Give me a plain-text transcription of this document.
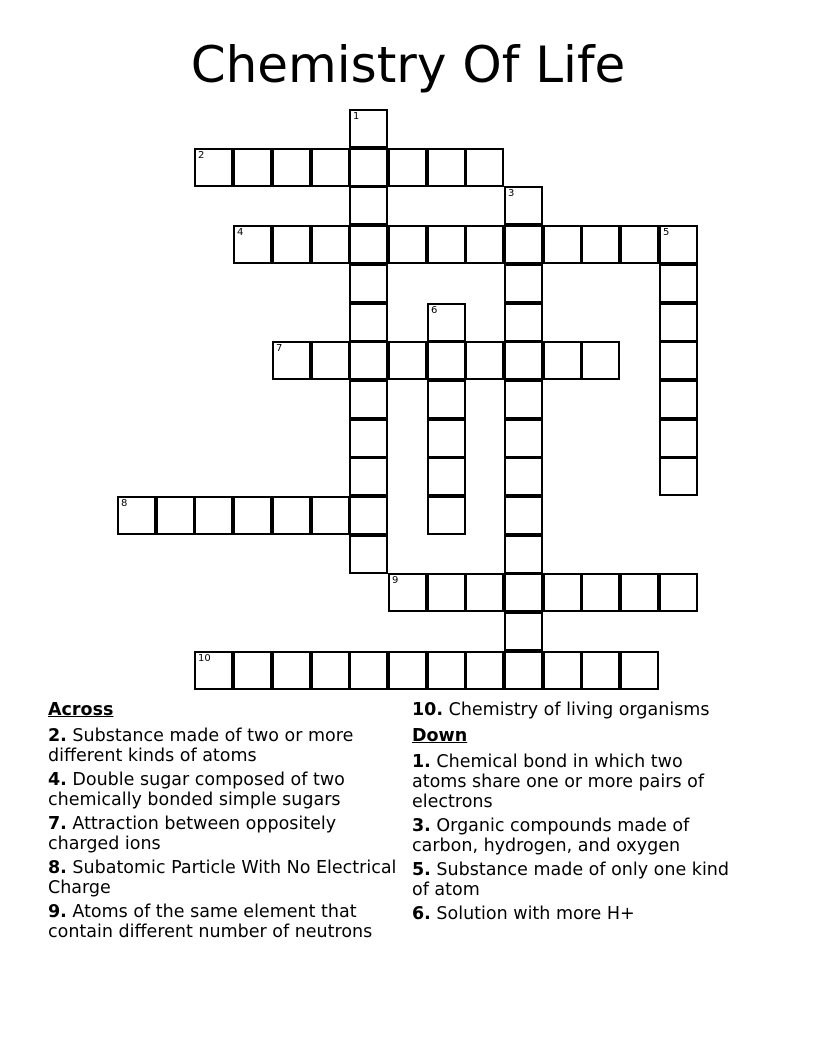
Chemistry Of Life
1
2
3
4	5
6
7
8
9
10
Across
2. Substance made of two or more different kinds of atoms
4. Double sugar composed of two chemically bonded simple sugars
7. Attraction between oppositely charged ions
8. Subatomic Particle With No Electrical Charge
9. Atoms of the same element that contain different number of neutrons
10. Chemistry of living organisms
Down
1. Chemical bond in which two atoms share one or more pairs of electrons
3. Organic compounds made of carbon, hydrogen, and oxygen
5. Substance made of only one kind of atom
6. Solution with more H+
